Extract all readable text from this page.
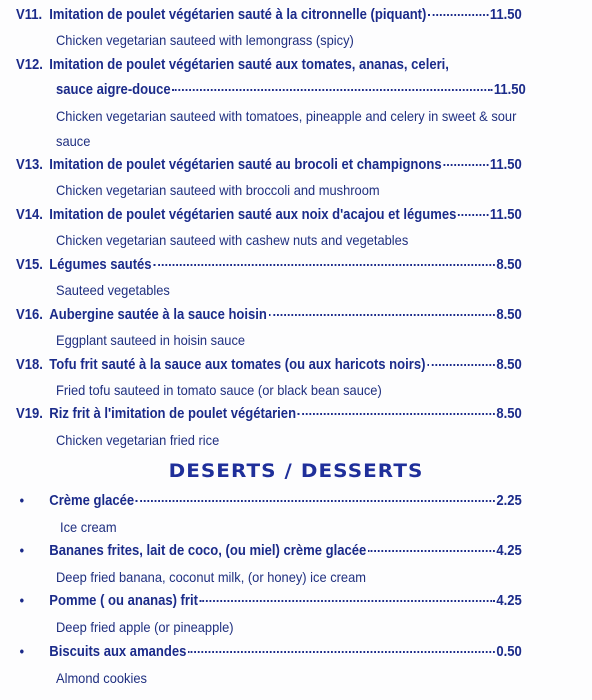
V11. Imitation de poulet végétarien sauté à la citronnelle (piquant)	11.50
Chicken vegetarian sauteed with lemongrass (spicy)
V12. Imitation de poulet végétarien sauté aux tomates, ananas, celeri,
sauce aigre-douce	11.50
Chicken vegetarian sauteed with tomatoes, pineapple and celery in sweet & sour
sauce
V13. Imitation de poulet végétarien sauté au brocoli et champignons	11.50
Chicken vegetarian sauteed with broccoli and mushroom
V14. Imitation de poulet végétarien sauté aux noix d'acajou et légumes 11.50
Chicken vegetarian sauteed with cashew nuts and vegetables
V15. Légumes sautés	8.50
Sauteed vegetables
V16. Aubergine sautée à la sauce hoisin	8.50
Eggplant sauteed in hoisin sauce
V18. Tofu frit sauté à la sauce aux tomates (ou aux haricots noirs)	8.50
Fried tofu sauteed in tomato sauce (or black bean sauce)
V19. Riz frit à l'imitation de poulet végétarien	8.50
Chicken vegetarian fried rice
DESERTS / DESSERTS
•	Crème glacée	2.25
Ice cream
•	Bananes frites, lait de coco, (ou miel) crème glacée	4.25
Deep fried banana, coconut milk, (or honey) ice cream
•	Pomme ( ou ananas) frit	4.25
Deep fried apple (or pineapple)
•	Biscuits aux amandes	0.50
Almond cookies
